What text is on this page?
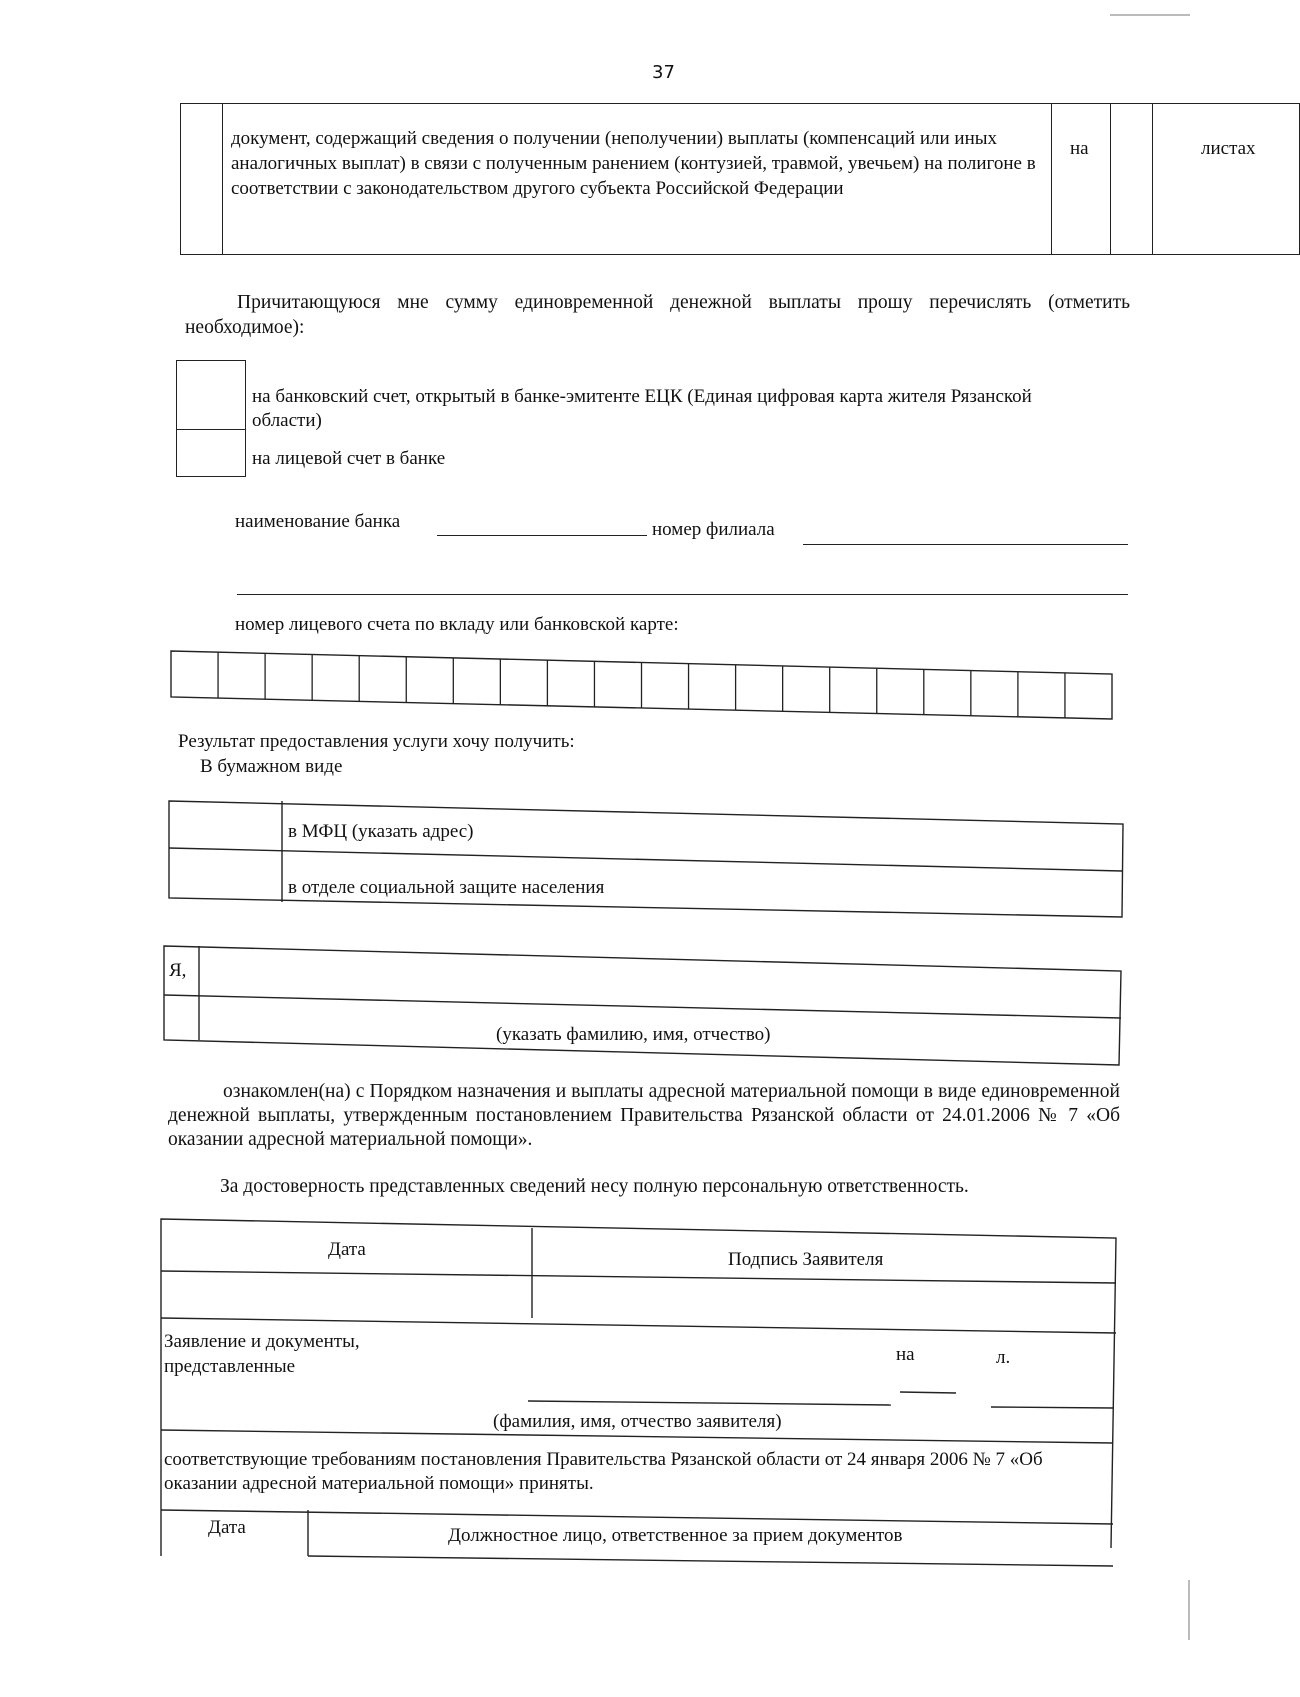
37
документ, содержащий сведения о получении (неполучении) выплаты (компенсаций или иных аналогичных выплат) в связи с полученным ранением (контузией, травмой, увечьем) на полигоне в соответствии с законодательством другого субъекта Российской Федерации
на	листах
Причитающуюся мне сумму единовременной денежной выплаты прошу перечислять (отметить необходимое):
на банковский счет, открытый в банке-эмитенте ЕЦК (Единая цифровая карта жителя Рязанской области)
на лицевой счет в банке
наименование банка	номер филиала
номер лицевого счета по вкладу или банковской карте:
Результат предоставления услуги хочу получить:
В бумажном виде
в МФЦ (указать адрес)
в отделе социальной защите населения
Я,
(указать фамилию, имя, отчество)
ознакомлен(на) с Порядком назначения и выплаты адресной материальной помощи в виде единовременной денежной выплаты, утвержденным постановлением Правительства Рязанской области от 24.01.2006 № 7 «Об оказании адресной материальной помощи».
За достоверность представленных сведений несу полную персональную ответственность.
Дата	Подпись Заявителя
Заявление и документы, представленные
на	л.
(фамилия, имя, отчество заявителя)
соответствующие требованиям постановления Правительства Рязанской области от 24 января 2006 № 7 «Об оказании адресной материальной помощи» приняты.
Дата	Должностное лицо, ответственное за прием документов
